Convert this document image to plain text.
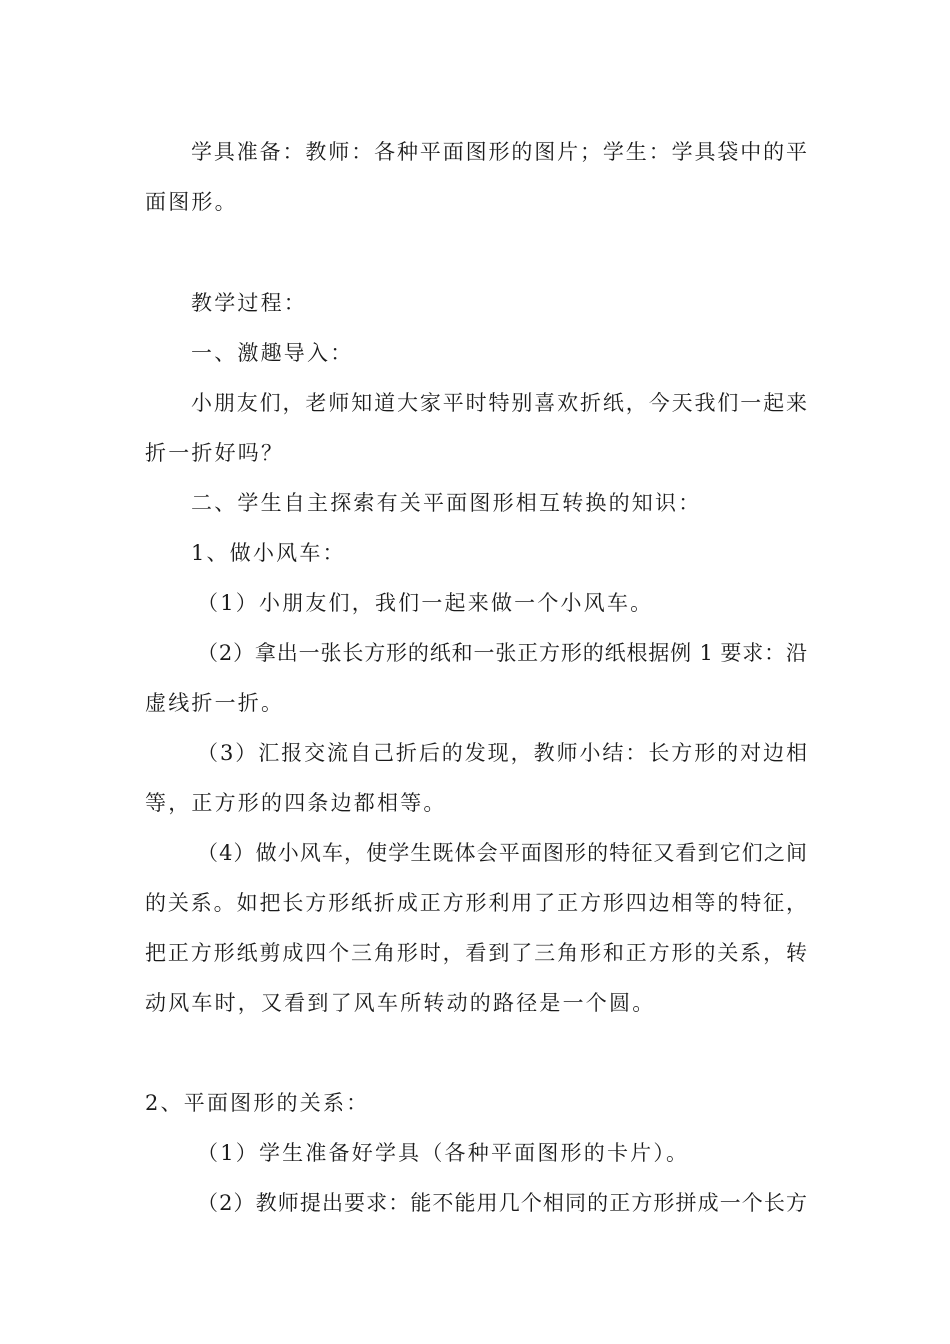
学具准备：教师：各种平面图形的图片；学生：学具袋中的平
面图形。
教学过程：
一、激趣导入：
小朋友们，老师知道大家平时特别喜欢折纸，今天我们一起来
折一折好吗？
二、学生自主探索有关平面图形相互转换的知识：
1、做小风车：
（1）小朋友们，我们一起来做一个小风车。
（2）拿出一张长方形的纸和一张正方形的纸根据例 1 要求：沿
虚线折一折。
（3）汇报交流自己折后的发现，教师小结：长方形的对边相
等，正方形的四条边都相等。
（4）做小风车，使学生既体会平面图形的特征又看到它们之间
的关系。如把长方形纸折成正方形利用了正方形四边相等的特征，
把正方形纸剪成四个三角形时，看到了三角形和正方形的关系，转
动风车时，又看到了风车所转动的路径是一个圆。
2、平面图形的关系：
（1）学生准备好学具（各种平面图形的卡片）。
（2）教师提出要求：能不能用几个相同的正方形拼成一个长方
